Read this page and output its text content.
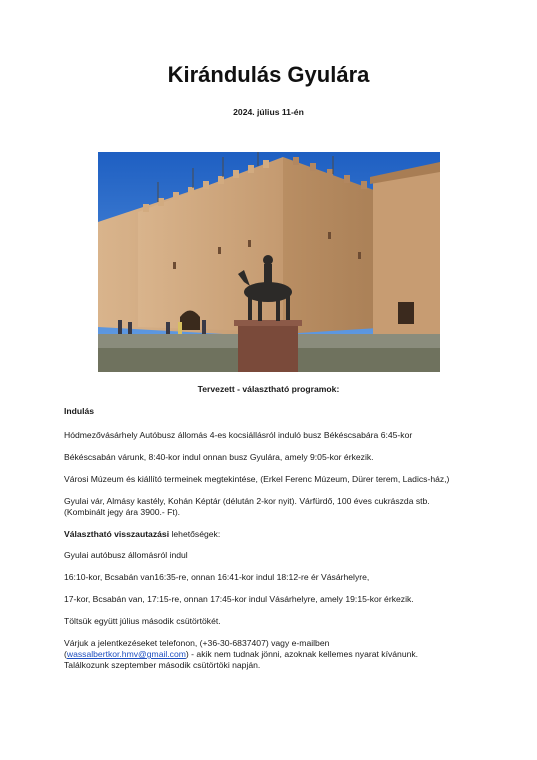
Kirándulás Gyulára
2024. július 11-én
Tervezett - választható programok:
Indulás
Hódmezővásárhely Autóbusz állomás 4-es kocsiállásról induló busz Békéscsabára 6:45-kor
Békéscsabán várunk, 8:40-kor indul onnan busz Gyulára, amely 9:05-kor érkezik.
Városi Múzeum és kiállító termeinek megtekintése, (Erkel Ferenc Múzeum, Dürer terem, Ladics-ház,)
Gyulai vár, Almásy kastély, Kohán Képtár (délután 2-kor nyit). Várfürdő, 100 éves cukrászda stb.
(Kombinált jegy ára 3900.- Ft).
Választható visszautazási lehetőségek:
Gyulai autóbusz állomásról indul
16:10-kor, Bcsabán van16:35-re, onnan 16:41-kor indul 18:12-re ér Vásárhelyre,
17-kor, Bcsabán van, 17:15-re, onnan 17:45-kor indul Vásárhelyre, amely 19:15-kor érkezik.
Töltsük együtt július második csütörtökét.
Várjuk a jelentkezéseket telefonon, (+36-30-6837407) vagy e-mailben
(wassalbertkor.hmv@gmail.com) - akik nem tudnak jönni, azoknak kellemes nyarat kívánunk.
Találkozunk szeptember második csütörtöki napján.
